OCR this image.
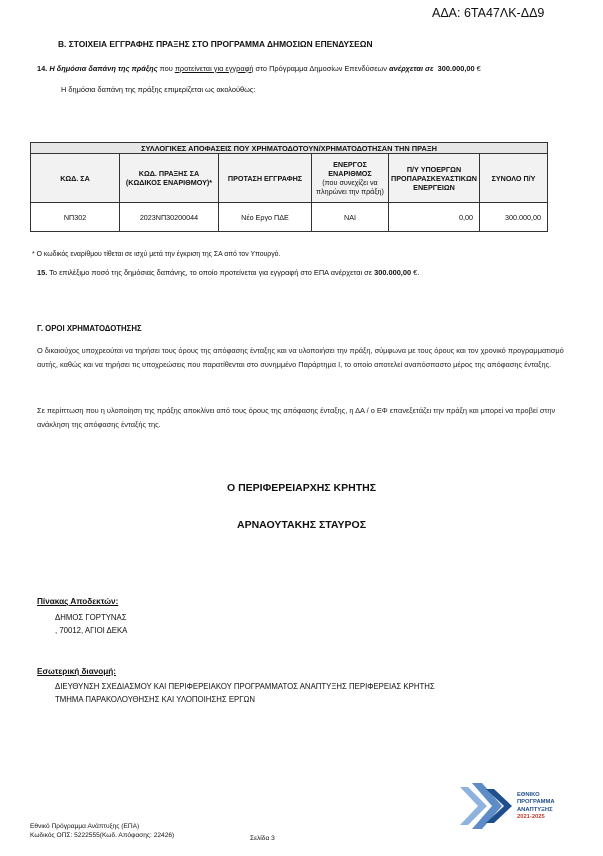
ΑΔΑ: 6ΤΑ47ΛΚ-ΔΔ9
Β. ΣΤΟΙΧΕΙΑ ΕΓΓΡΑΦΗΣ ΠΡΑΞΗΣ ΣΤΟ ΠΡΟΓΡΑΜΜΑ ΔΗΜΟΣΙΩΝ ΕΠΕΝΔΥΣΕΩΝ
14. Η δημόσια δαπάνη της πράξης που προτείνεται για εγγραφή στο Πρόγραμμα Δημοσίων Επενδύσεων ανέρχεται σε 300.000,00 €
Η δημόσια δαπάνη της πράξης επιμερίζεται ως ακολούθως:
ΣΥΛΛΟΓΙΚΕΣ ΑΠΟΦΑΣΕΙΣ ΠΟΥ ΧΡΗΜΑΤΟΔΟΤΟΥΝ/ΧΡΗΜΑΤΟΔΟΤΗΣΑΝ ΤΗΝ ΠΡΑΞΗ					
ΚΩΔ. ΣΑ	ΚΩΔ. ΠΡΑΞΗΣ ΣΑ (ΚΩΔΙΚΟΣ ΕΝΑΡΙΘΜΟΥ)*	ΠΡΟΤΑΣΗ ΕΓΓΡΑΦΗΣ	ΕΝΕΡΓΟΣ ΕΝΑΡΙΘΜΟΣ
(που συνεχίζει να πληρώνει την πράξη)	Π/Υ ΥΠΟΕΡΓΩΝ ΠΡΟΠΑΡΑΣΚΕΥΑΣΤΙΚΩΝ ΕΝΕΡΓΕΙΩΝ	ΣΥΝΟΛΟ Π/Υ
ΝΠ302	2023ΝΠ30200044	Νέο Εργο ΠΔΕ	ΝΑΙ	0,00	300.000,00
* Ο κωδικός εναρίθμου τίθεται σε ισχύ μετά την έγκριση της ΣΑ από τον Υπουργό.
15. Το επιλέξιμο ποσό της δημόσιας δαπάνης, το οποίο προτείνεται για εγγραφή στο ΕΠΑ ανέρχεται σε 300.000,00 €.
Γ. ΟΡΟΙ ΧΡΗΜΑΤΟΔΟΤΗΣΗΣ
Ο δικαιούχος υποχρεούται να τηρήσει τους όρους της απόφασης ένταξης και να υλοποιήσει την πράξη, σύμφωνα με τους όρους και τον χρονικό προγραμματισμό αυτής, καθώς και να τηρήσει τις υποχρεώσεις που παρατίθενται στο συνημμένο Παράρτημα Ι, το οποίο αποτελεί αναπόσπαστο μέρος της απόφασης ένταξης.
Σε περίπτωση που η υλοποίηση της πράξης αποκλίνει από τους όρους της απόφασης ένταξης, η ΔΑ / ο ΕΦ επανεξετάζει την πράξη και μπορεί να προβεί στην ανάκληση της απόφασης ένταξής της.
Ο ΠΕΡΙΦΕΡΕΙΑΡΧΗΣ ΚΡΗΤΗΣ
ΑΡΝΑΟΥΤΑΚΗΣ ΣΤΑΥΡΟΣ
Πίνακας Αποδεκτών:
ΔΗΜΟΣ ΓΟΡΤΥΝΑΣ
, 70012, ΑΓΙΟΙ ΔΕΚΑ
Εσωτερική διανομή:
ΔΙΕΥΘΥΝΣΗ ΣΧΕΔΙΑΣΜΟΥ ΚΑΙ ΠΕΡΙΦΕΡΕΙΑΚΟΥ ΠΡΟΓΡΑΜΜΑΤΟΣ ΑΝΑΠΤΥΞΗΣ ΠΕΡΙΦΕΡΕΙΑΣ ΚΡΗΤΗΣ
ΤΜΗΜΑ ΠΑΡΑΚΟΛΟΥΘΗΣΗΣ ΚΑΙ ΥΛΟΠΟΙΗΣΗΣ ΕΡΓΩΝ
ΕΘΝΙΚΟ
ΠΡΟΓΡΑΜΜΑ
ΑΝΑΠΤΥΞΗΣ
2021-2025
Εθνικό Πρόγραμμα Ανάπτυξης (ΕΠΑ)
Κωδικός ΟΠΣ: 5222555(Κωδ. Απόφασης: 22426)	Σελίδα 3
